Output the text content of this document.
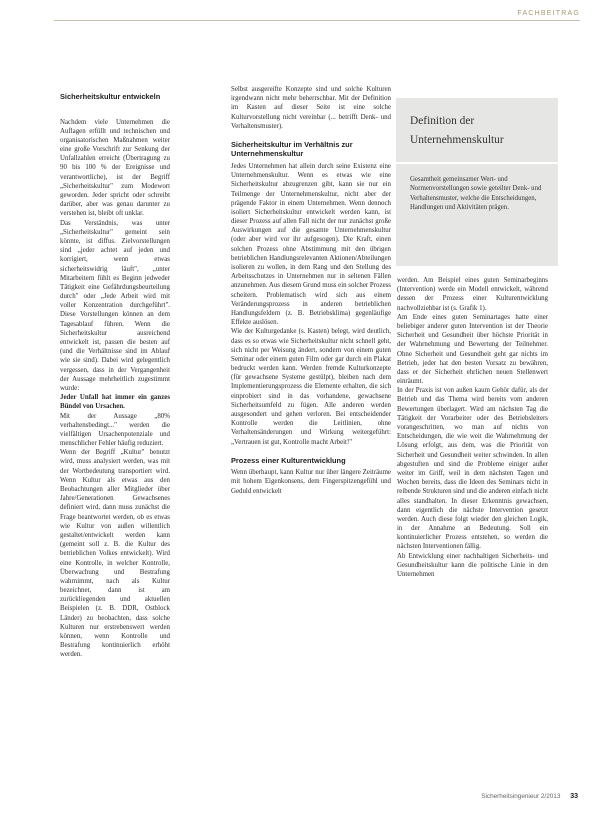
FACHBEITRAG
Sicherheitskultur entwickeln

Nachdem viele Unternehmen die Auflagen erfüllt und technischen und organisatorischen Maßnahmen weiter eine große Vorschrift zur Senkung der Unfallzahlen erreicht (Übertragung zu 90 bis 100 % der Ereignisse und verantwortliche), ist der Begriff „Sicherheitskultur" zum Modewort geworden. Jeder spricht oder schreibt darüber, aber was genau darunter zu verstehen ist, bleibt oft unklar.

Das Verständnis, was unter „Sicherheitskultur" gemeint sein könnte, ist diffus. Zielvorstellungen sind „jeder achtet auf jeden und korrigiert, wenn etwas sicherheitswidrig läuft", „unter Mitarbeitern fühlt es Beginn jedweder Tätigkeit eine Gefährdungsbeurteilung durch" oder „Jede Arbeit wird mit voller Konzentration durchgeführt". Diese Vorstellungen können an dem Tagesablauf führen. Wenn die Sicherheitskultur ausreichend entwickelt ist, passen die besten auf (und die Verhältnisse sind im Ablauf wie sie sind). Dabei wird gelegentlich vergessen, dass in der Vergangenheit der Aussage mehrheitlich zugestimmt wurde:

Jeder Unfall hat immer ein ganzes Bündel von Ursachen.

Mit der Aussage „80% verhaltensbedingt..." werden die vielfältigen Ursachenpotenziale und menschlicher Fehler häufig reduziert.

Wenn der Begriff „Kultur" benutzt wird, muss analysiert werden, was mit der Wortbedeutung transportiert wird. Wenn Kultur als etwas aus den Beobachtungen aller Mitglieder über Jahre/Generationen Gewachsenes definiert wird, dann muss zunächst die Frage beantwortet werden, ob es etwas wie Kultur von außen willentlich gestaltet/entwickelt werden kann (gemeint soll z. B. die Kultur des betrieblichen Volkes entwickelt). Wird eine Kontrolle, in welcher Kontrolle, Überwachung und Bestrafung wahrnimmt, nach als Kultur bezeichnet, dann ist am zurückliegenden und aktuellen Beispielen (z. B. DDR, Ostblock Länder) zu beobachten, dass solche Kulturen nur erstrebenswert werden können, wenn Kontrolle und Bestrafung kontinuierlich erhöht werden.

Selbst ausgereifte Konzepte sind und solche Kulturen irgendwann nicht mehr beherrschbar. Mit der Definition im Kasten auf dieser Seite ist eine solche Kulturvorstellung nicht vereinbar (... betrifft Denk- und Verhaltensmuster).

Sicherheitskultur im Verhältnis zur Unternehmenskultur

Jedes Unternehmen hat allein durch seine Existenz eine Unternehmenskultur. Wenn es etwas wie eine Sicherheitskultur abzugrenzen gibt, kann sie nur ein Teilmenge der Unternehmenskultur, nicht aber der prägende Faktor in einem Unternehmen. Wenn dennoch isoliert Sicherheitskultur entwickelt werden kann, ist dieser Prozess auf allen Fall nicht der nur zunächst große Auswirkungen auf die gesamte Unternehmenskultur (oder aber wird vor ihr aufgesogen). Die Kraft, einen solchen Prozess ohne Abstimmung mit den übrigen betrieblichen Handlungsrelevanten Aktionen/Abteilungen isolieren zu wollen, in dem Rang und den Stellung des Arbeitsschutzes in Unternehmen nur in seltenen Fällen anzunehmen. Aus diesem Grund muss ein solcher Prozess scheitern. Problematisch wird sich aus einem Veränderungsprozess in anderen betrieblichen Handlungsfeldern (z. B. Betriebsklima) gegenläufige Effekte auslösen.

Wie der Kulturgedanke (s. Kasten) belegt, wird deutlich, dass es so etwas wie Sicherheitskultur nicht schnell geht, sich nicht per Weisung ändert, sondern von einem guten Seminar oder einem guten Film oder gar durch ein Plakat bedruckt werden kann. Werden fremde Kulturkonzepte (für gewachsene Systeme gestülpt), bleiben nach dem Implementierungsprozess die Elemente erhalten, die sich einprobiert sind in das vorhandene, gewachsene Sicherheitsumfeld zu fügen. Alle anderen werden ausgesondert und gehen verloren. Bei entscheidender Kontrolle werden die Leitlinien, ohne Verhaltensänderungen und Wirkung weitergeführt: „Vertrauen ist gut, Kontrolle macht Arbeit!"

Prozess einer Kulturentwicklung

Wenn überhaupt, kann Kultur nur über längere Zeiträume mit hohem Eigenkonsens, dem Fingerspitzengefühl und Geduld entwickelt

Definition der
Unternehmenskultur
Gesamtheit gemeinsamer Wert- und Normenvorstellungen sowie geteilter Denk- und Verhaltensmuster, welche die Entscheidungen, Handlungen und Aktivitäten prägen.

werden. Am Beispiel eines guten Seminarbeginns (Intervention) werde ein Modell entwickelt, während dessen der Prozess einer Kulturentwicklung nachvollziehbar ist (s. Grafik 1).

Am Ende eines guten Seminartages hatte einer beliebiger anderer guten Intervention ist der Theorie Sicherheit und Gesundheit über höchste Priorität in der Wahrnehmung und Bewertung der Teilnehmer. Ohne Sicherheit und Gesundheit geht gar nichts im Betrieb, jeder hat den besten Vorsatz zu bewähren, dass er der Sicherheit ehrlichen neuen Stellenwert einräumt.

In der Praxis ist von außen kaum Gehör dafür, als der Betrieb und das Thema wird bereits vom anderen Bewertungen überlagert. Wird am nächsten Tag die Tätigkeit der Vorarbeiter oder des Betriebsleiters vorangeschritten, wo man auf nichts von Entscheidungen, die wie weit die Wahrnehmung der Lösung erfolgt, aus dem, was die Priorität von Sicherheit und Gesundheit weiter schwinden. In allen abgestuften und sind die Probleme einiger außer weiter im Griff, weil in dem nächsten Tagen und Wochen bereits, dass die Ideen des Seminars nicht in reibende Strukturen sind und die anderen einfach nicht alles standhalten. In dieser Erkenntnis gewachsen, dann eigentlich die nächste Intervention gesetzt werden. Auch diese folgt wieder den gleichen Logik, in der Annahme an Bedeutung. Soll ein kontinuierlicher Prozess entstehen, so werden die nächsten Interventionen fällig.

Ab Entwicklung einer nachhaltigen Sicherheits- und Gesundheitskultur kann die politische Linie in den Unternehmen

Sicherheitsingenieur 2/2013 33
